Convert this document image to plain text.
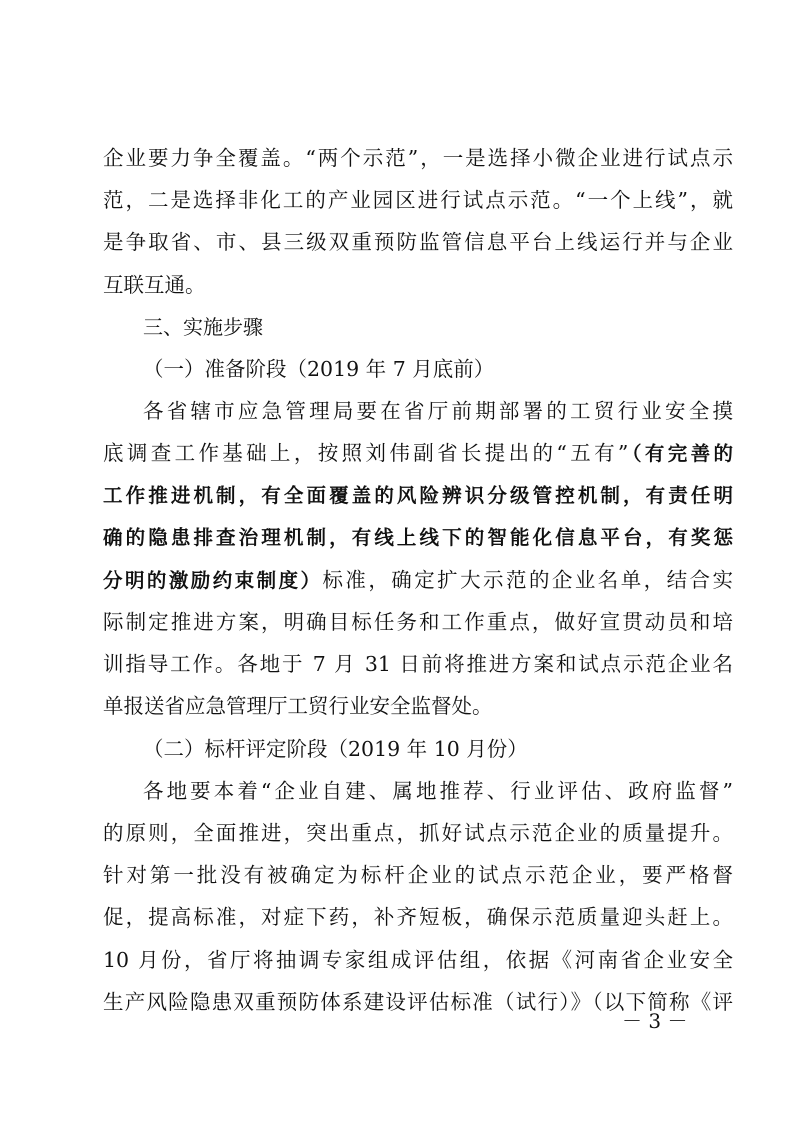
企业要力争全覆盖。“两个示范”，一是选择小微企业进行试点示
范，二是选择非化工的产业园区进行试点示范。“一个上线”，就
是争取省、市、县三级双重预防监管信息平台上线运行并与企业
互联互通。
三、实施步骤
（一）准备阶段（2019 年 7 月底前）
各省辖市应急管理局要在省厅前期部署的工贸行业安全摸
底调查工作基础上，按照刘伟副省长提出的“五有”（有完善的
工作推进机制，有全面覆盖的风险辨识分级管控机制，有责任明
确的隐患排查治理机制，有线上线下的智能化信息平台，有奖惩
分明的激励约束制度）标准，确定扩大示范的企业名单，结合实
际制定推进方案，明确目标任务和工作重点，做好宣贯动员和培
训指导工作。各地于 7 月 31 日前将推进方案和试点示范企业名
单报送省应急管理厅工贸行业安全监督处。
（二）标杆评定阶段（2019 年 10 月份）
各地要本着“企业自建、属地推荐、行业评估、政府监督”
的原则，全面推进，突出重点，抓好试点示范企业的质量提升。
针对第一批没有被确定为标杆企业的试点示范企业，要严格督
促，提高标准，对症下药，补齐短板，确保示范质量迎头赶上。
10 月份，省厅将抽调专家组成评估组，依据《河南省企业安全
生产风险隐患双重预防体系建设评估标准（试行）》（以下简称《评
－ 3 －
